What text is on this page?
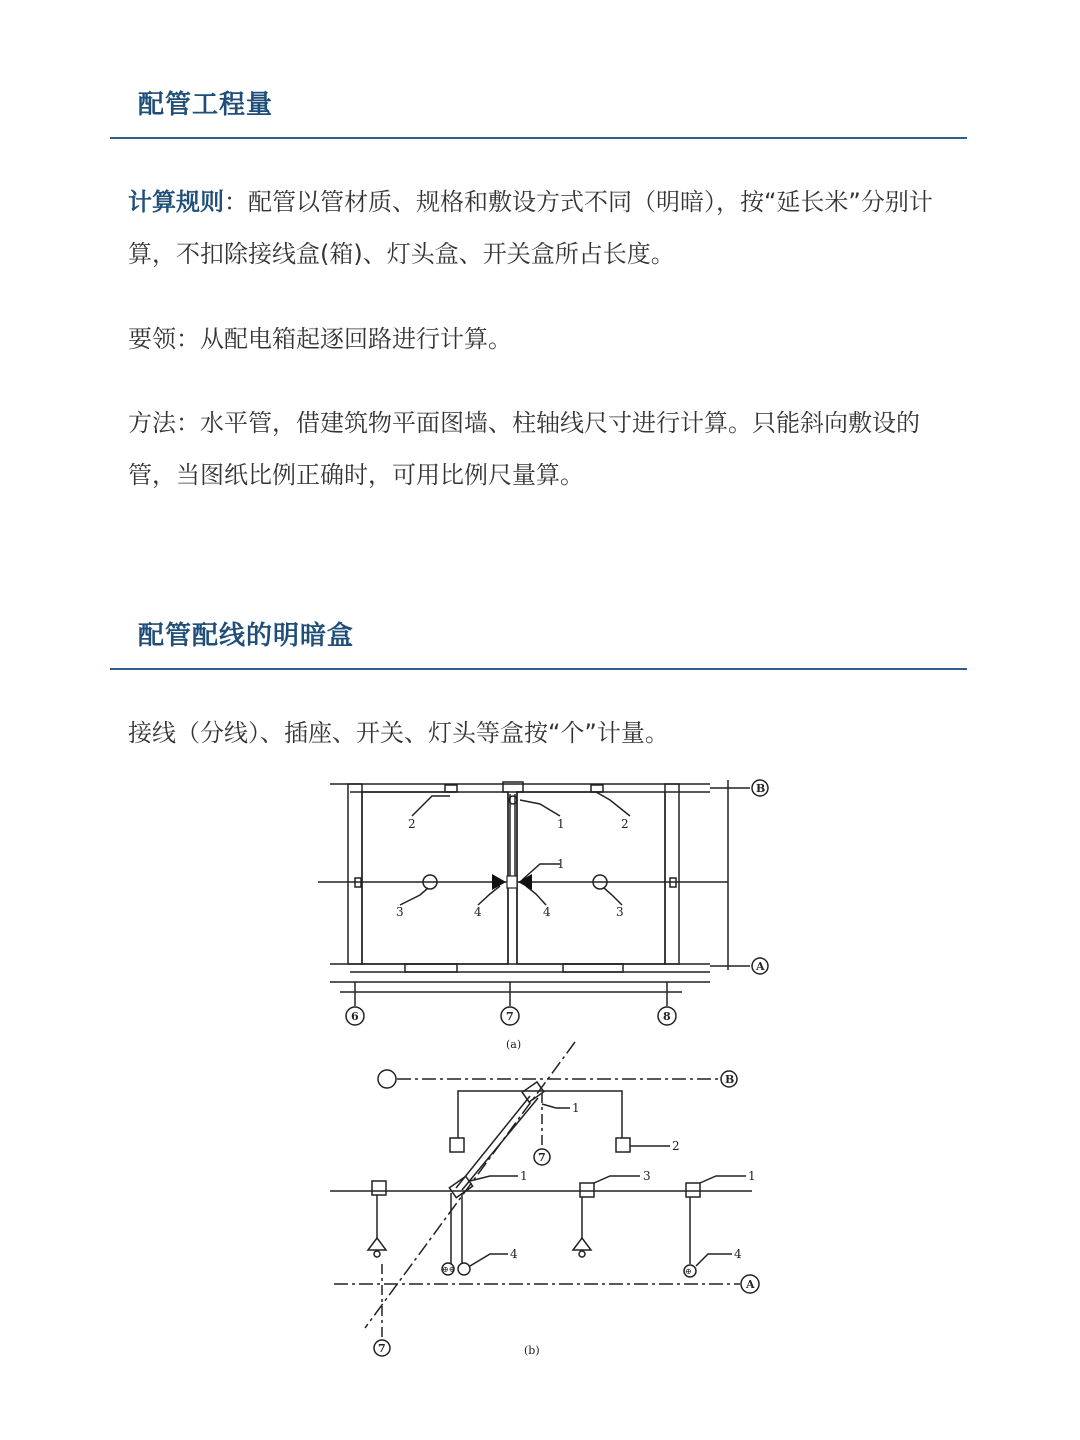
配管工程量

计算规则：配管以管材质、规格和敷设方式不同（明暗），按“延长米”分别计算，不扣除接线盒(箱)、灯头盒、开关盒所占长度。

要领：从配电箱起逐回路进行计算。

方法：水平管，借建筑物平面图墙、柱轴线尺寸进行计算。只能斜向敷设的管，当图纸比例正确时，可用比例尺量算。

配管配线的明暗盒

接线（分线）、插座、开关、灯头等盒按“个”计量。

2	1	2
1
3	4	4	3
B
A
6	7	8
(a)
1
2
1	3	1
4	4
⊕⊕	⊕
B
7
A
7	(b)
